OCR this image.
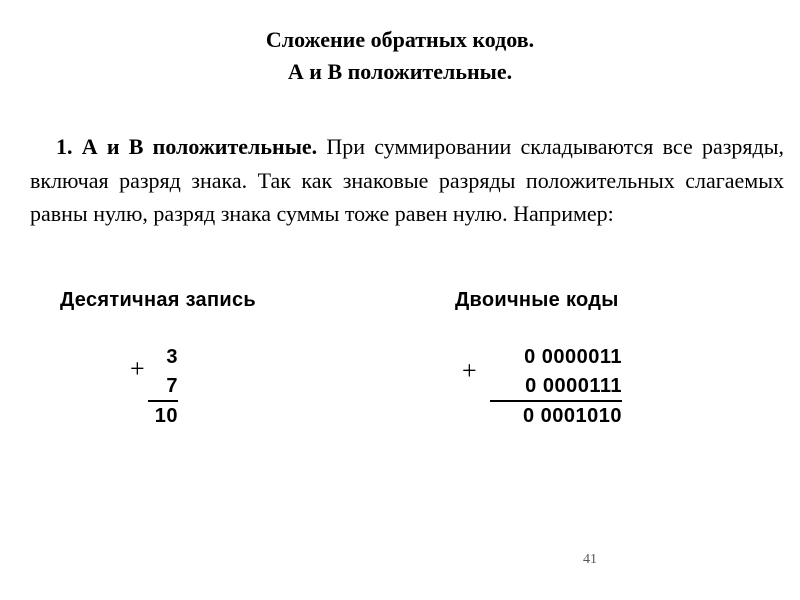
Сложение обратных кодов.
А и В положительные.
1. А и В положительные. При суммировании складываются все разряды, включая разряд знака. Так как знаковые разряды положительных слагаемых равны нулю, разряд знака суммы тоже равен нулю. Например:
Десятичная запись
+	3
7
10
Двоичные коды
+	0 0000011
0 0000111
0 0001010
41
